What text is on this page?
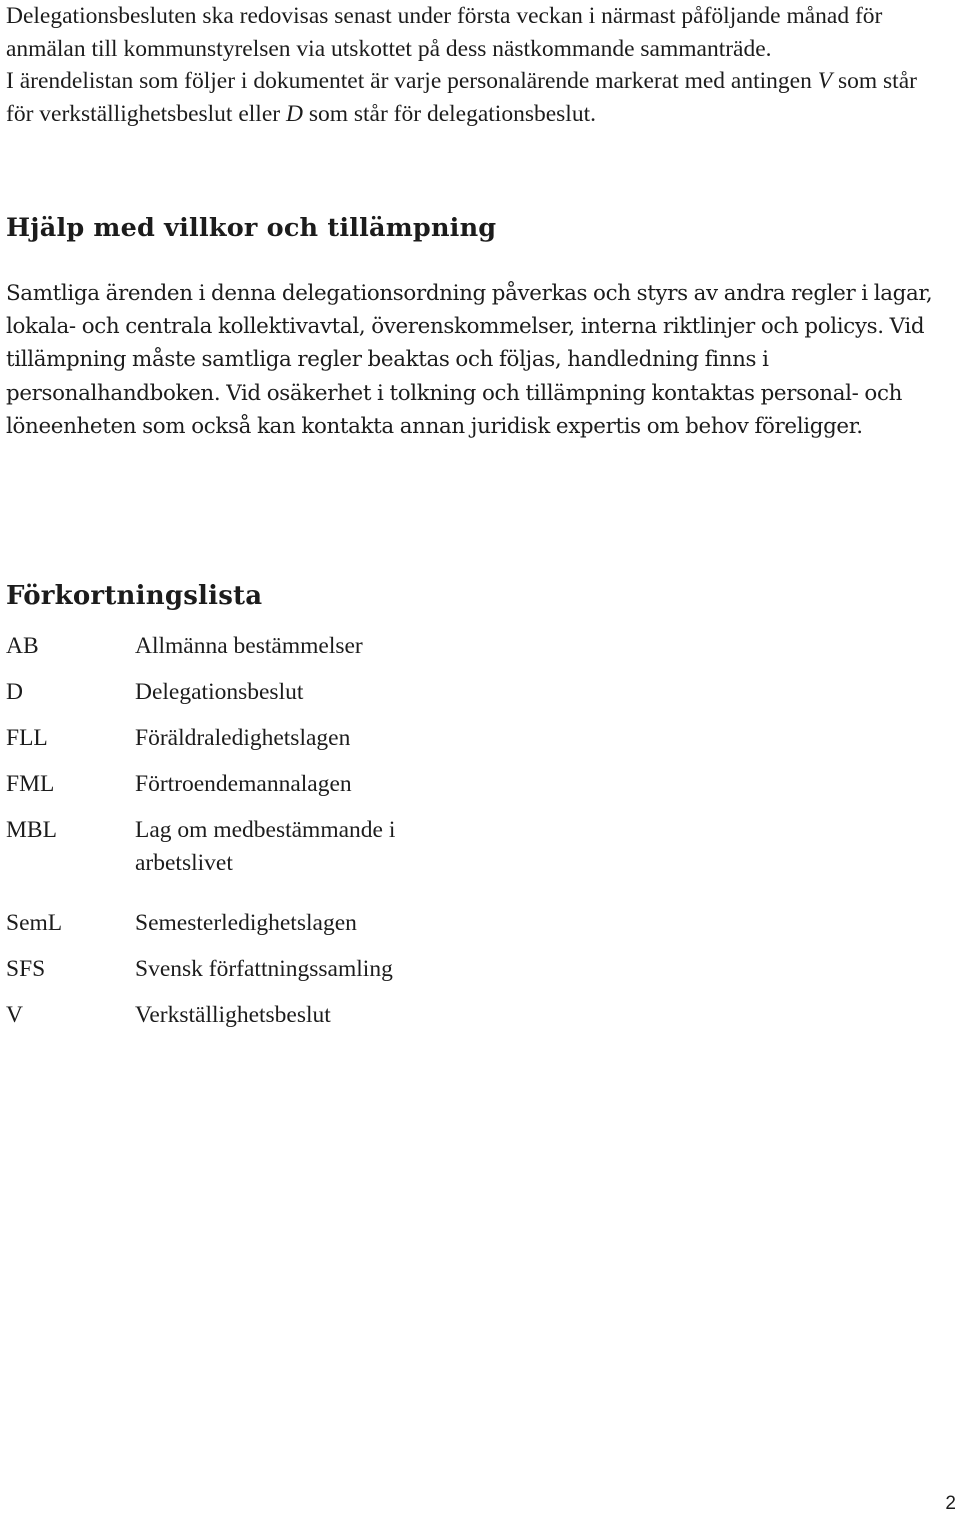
Delegationsbesluten ska redovisas senast under första veckan i närmast påföljande månad för anmälan till kommunstyrelsen via utskottet på dess nästkommande sammanträde.

I ärendelistan som följer i dokumentet är varje personalärende markerat med antingen V som står för verkställighetsbeslut eller D som står för delegationsbeslut.

Hjälp med villkor och tillämpning

Samtliga ärenden i denna delegationsordning påverkas och styrs av andra regler i lagar, lokala- och centrala kollektivavtal, överenskommelser, interna riktlinjer och policys. Vid tillämpning måste samtliga regler beaktas och följas, handledning finns i personalhandboken. Vid osäkerhet i tolkning och tillämpning kontaktas personal- och löneenheten som också kan kontakta annan juridisk expertis om behov föreligger.

Förkortningslista
AB	Allmänna bestämmelser
D	Delegationsbeslut
FLL	Föräldraledighetslagen
FML	Förtroendemannalagen
MBL	Lag om medbestämmande i arbetslivet
SemL	Semesterledighetslagen
SFS	Svensk författningssamling
V	Verkställighetsbeslut
2
